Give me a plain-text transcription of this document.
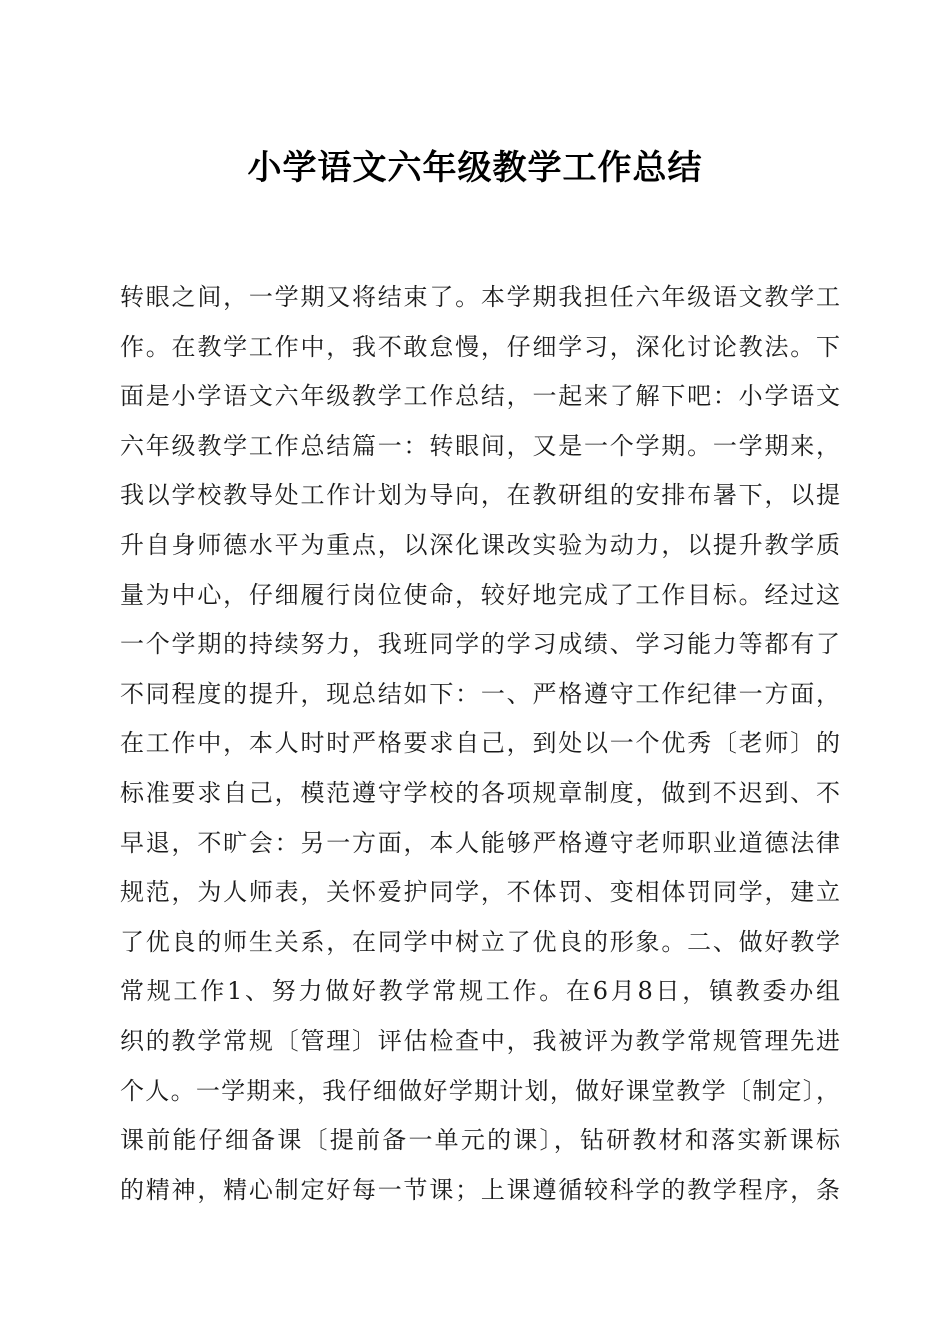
小学语文六年级教学工作总结
转眼之间，一学期又将结束了。本学期我担任六年级语文教学工
作。在教学工作中，我不敢怠慢，仔细学习，深化讨论教法。下
面是小学语文六年级教学工作总结，一起来了解下吧：小学语文
六年级教学工作总结篇一：转眼间，又是一个学期。一学期来，
我以学校教导处工作计划为导向，在教研组的安排布暑下，以提
升自身师德水平为重点，以深化课改实验为动力，以提升教学质
量为中心，仔细履行岗位使命，较好地完成了工作目标。经过这
一个学期的持续努力，我班同学的学习成绩、学习能力等都有了
不同程度的提升，现总结如下：一、严格遵守工作纪律一方面，
在工作中，本人时时严格要求自己，到处以一个优秀〔老师〕的
标准要求自己，模范遵守学校的各项规章制度，做到不迟到、不
早退，不旷会：另一方面，本人能够严格遵守老师职业道德法律
规范，为人师表，关怀爱护同学，不体罚、变相体罚同学，建立
了优良的师生关系，在同学中树立了优良的形象。二、做好教学
常规工作1、努力做好教学常规工作。在6月8日，镇教委办组
织的教学常规〔管理〕评估检查中，我被评为教学常规管理先进
个人。一学期来，我仔细做好学期计划，做好课堂教学〔制定〕，
课前能仔细备课〔提前备一单元的课〕，钻研教材和落实新课标
的精神，精心制定好每一节课；上课遵循较科学的教学程序，条
